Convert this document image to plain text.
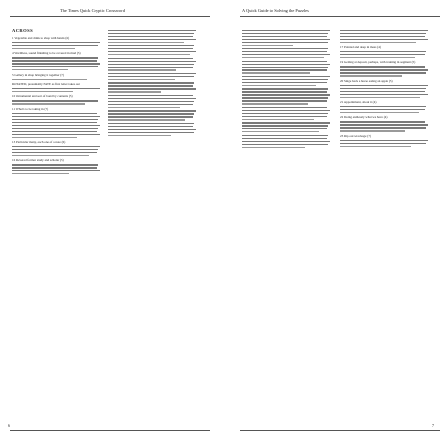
The Times Quick Cryptic Crossword
ACROSS
1 Vegetable and drink to shop with hands (6)
4 Worthless, sound finishing to be covered in mud (5)
5 Gallery in shop bringing it together (7)
ROTATED, presumably FATE as first letter takes out
10 Ornamental and sort of bond by contents (5)
11 What's to be taking in (7)
13 Particular many, each one of a note (6)
16 Revered former study and scholar (5)
6
A Quick Guide to Solving the Puzzles
17 Pointed and deep in mass (4)
19 Getting at deposit, perhaps, with training in segment (5)
20 Singe back a horse eating an apple (5)
21 Appointment, about it (4)
22 Doing endlessly what we have (4)
23 Rip out wreckage (7)
7
